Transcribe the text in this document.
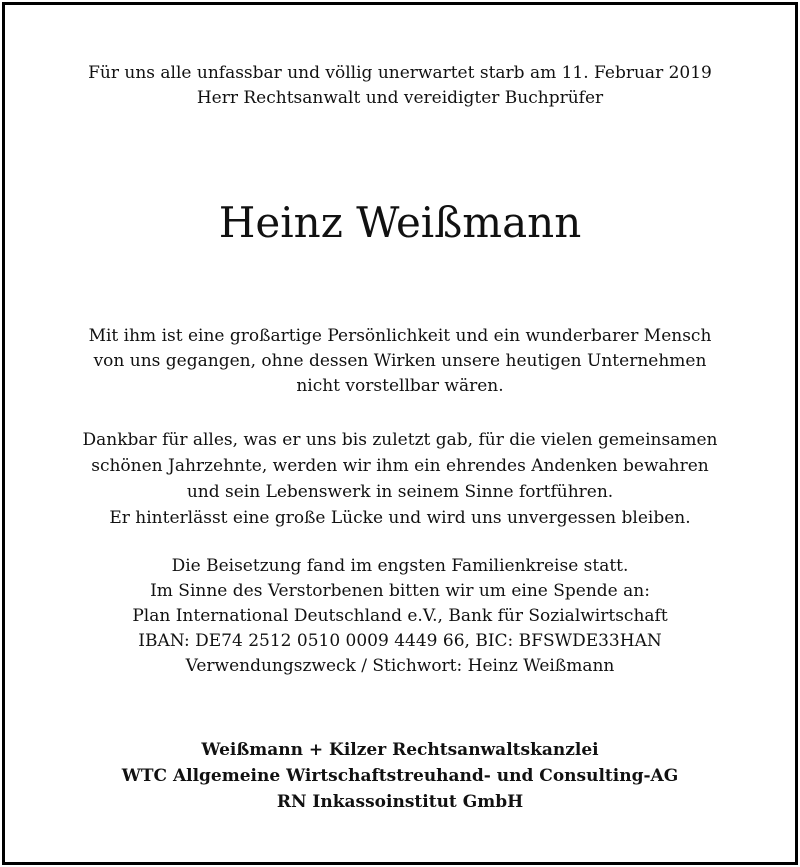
Für uns alle unfassbar und völlig unerwartet starb am 11. Februar 2019
Herr Rechtsanwalt und vereidigter Buchprüfer
Heinz Weißmann
Mit ihm ist eine großartige Persönlichkeit und ein wunderbarer Mensch
von uns gegangen, ohne dessen Wirken unsere heutigen Unternehmen
nicht vorstellbar wären.
Dankbar für alles, was er uns bis zuletzt gab, für die vielen gemeinsamen
schönen Jahrzehnte, werden wir ihm ein ehrendes Andenken bewahren
und sein Lebenswerk in seinem Sinne fortführen.
Er hinterlässt eine große Lücke und wird uns unvergessen bleiben.
Die Beisetzung fand im engsten Familienkreise statt.
Im Sinne des Verstorbenen bitten wir um eine Spende an:
Plan International Deutschland e.V., Bank für Sozialwirtschaft
IBAN: DE74 2512 0510 0009 4449 66, BIC: BFSWDE33HAN
Verwendungszweck / Stichwort: Heinz Weißmann
Weißmann + Kilzer Rechtsanwaltskanzlei
WTC Allgemeine Wirtschaftstreuhand- und Consulting-AG
RN Inkassoinstitut GmbH
